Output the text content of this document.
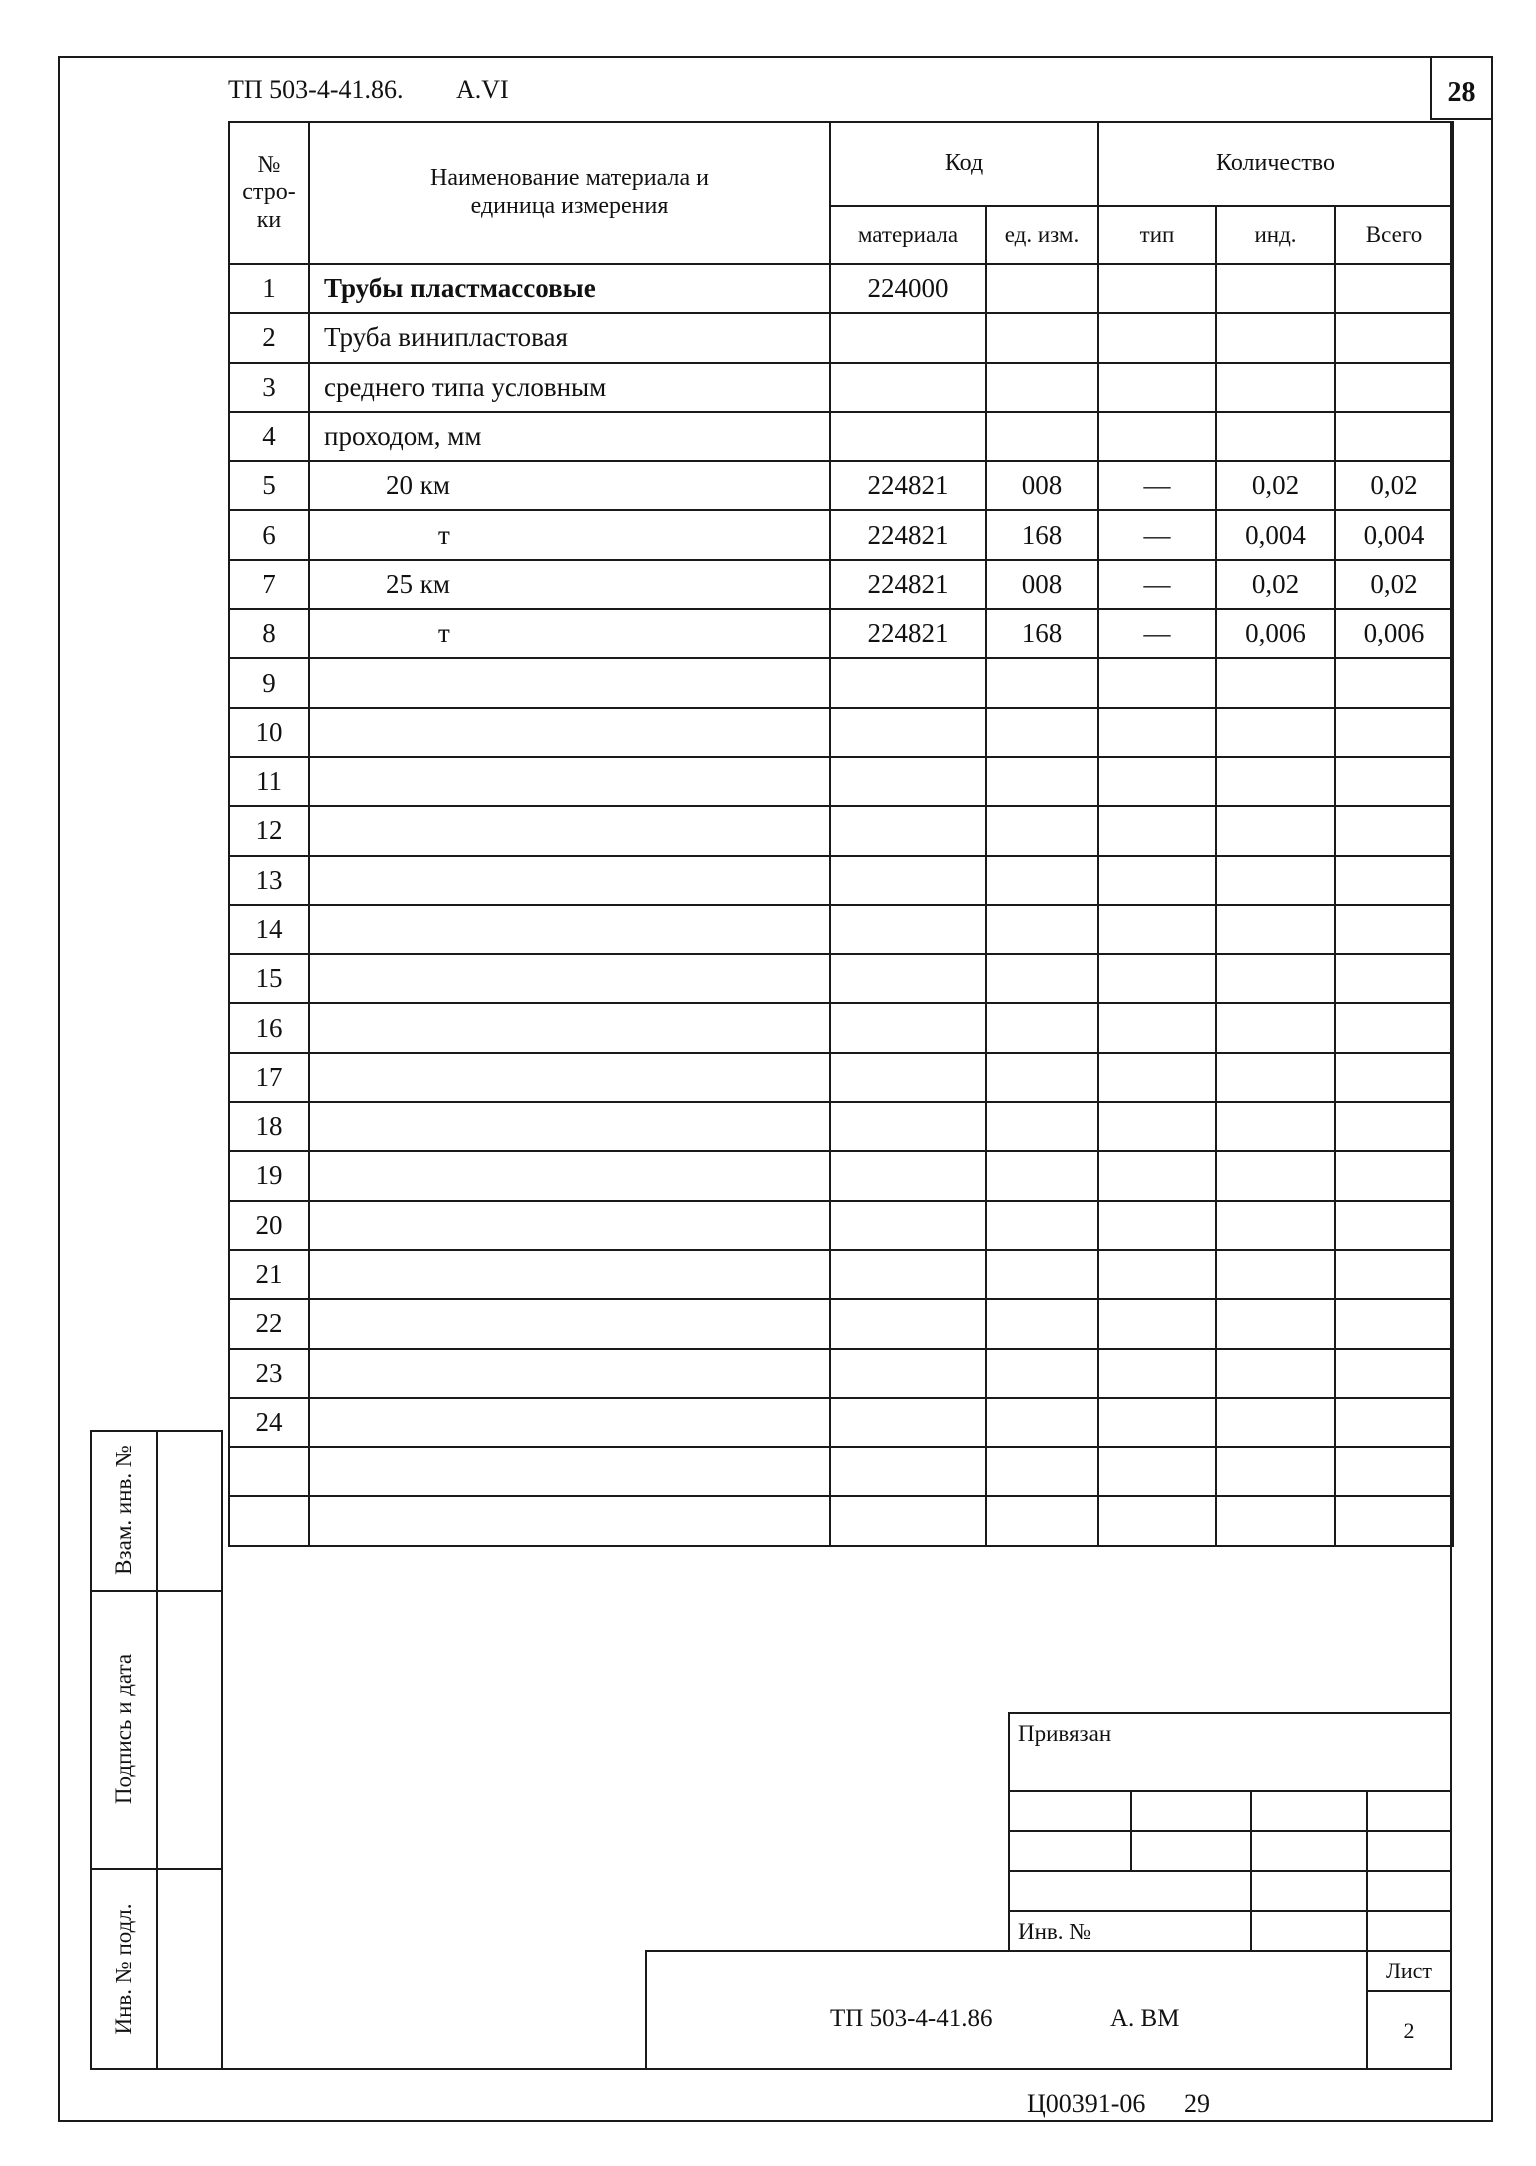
ТП 503-4-41.86. A.VI	28
№ стро-ки	Наименование материала и единица измерения	Код		Количество		
		материала	ед. изм.	тип	инд.	Всего
1	Трубы пластмассовые	224000				
2	Труба винипластовая					
3	среднего типа условным					
4	проходом, мм					
5	20 км	224821	008	—	0,02	0,02
6	т	224821	168	—	0,004	0,004
7	25 км	224821	008	—	0,02	0,02
8	т	224821	168	—	0,006	0,006
9						
10						
11						
12						
13						
14						
15						
16						
17						
18						
19						
20						
21						
22						
23						
24						

Взам. инв. №
Подпись и дата
Инв. № подл.
Привязан
Инв. №
ТП 503-4-41.86	А. ВМ
Лист
2
Ц00391-06 29
